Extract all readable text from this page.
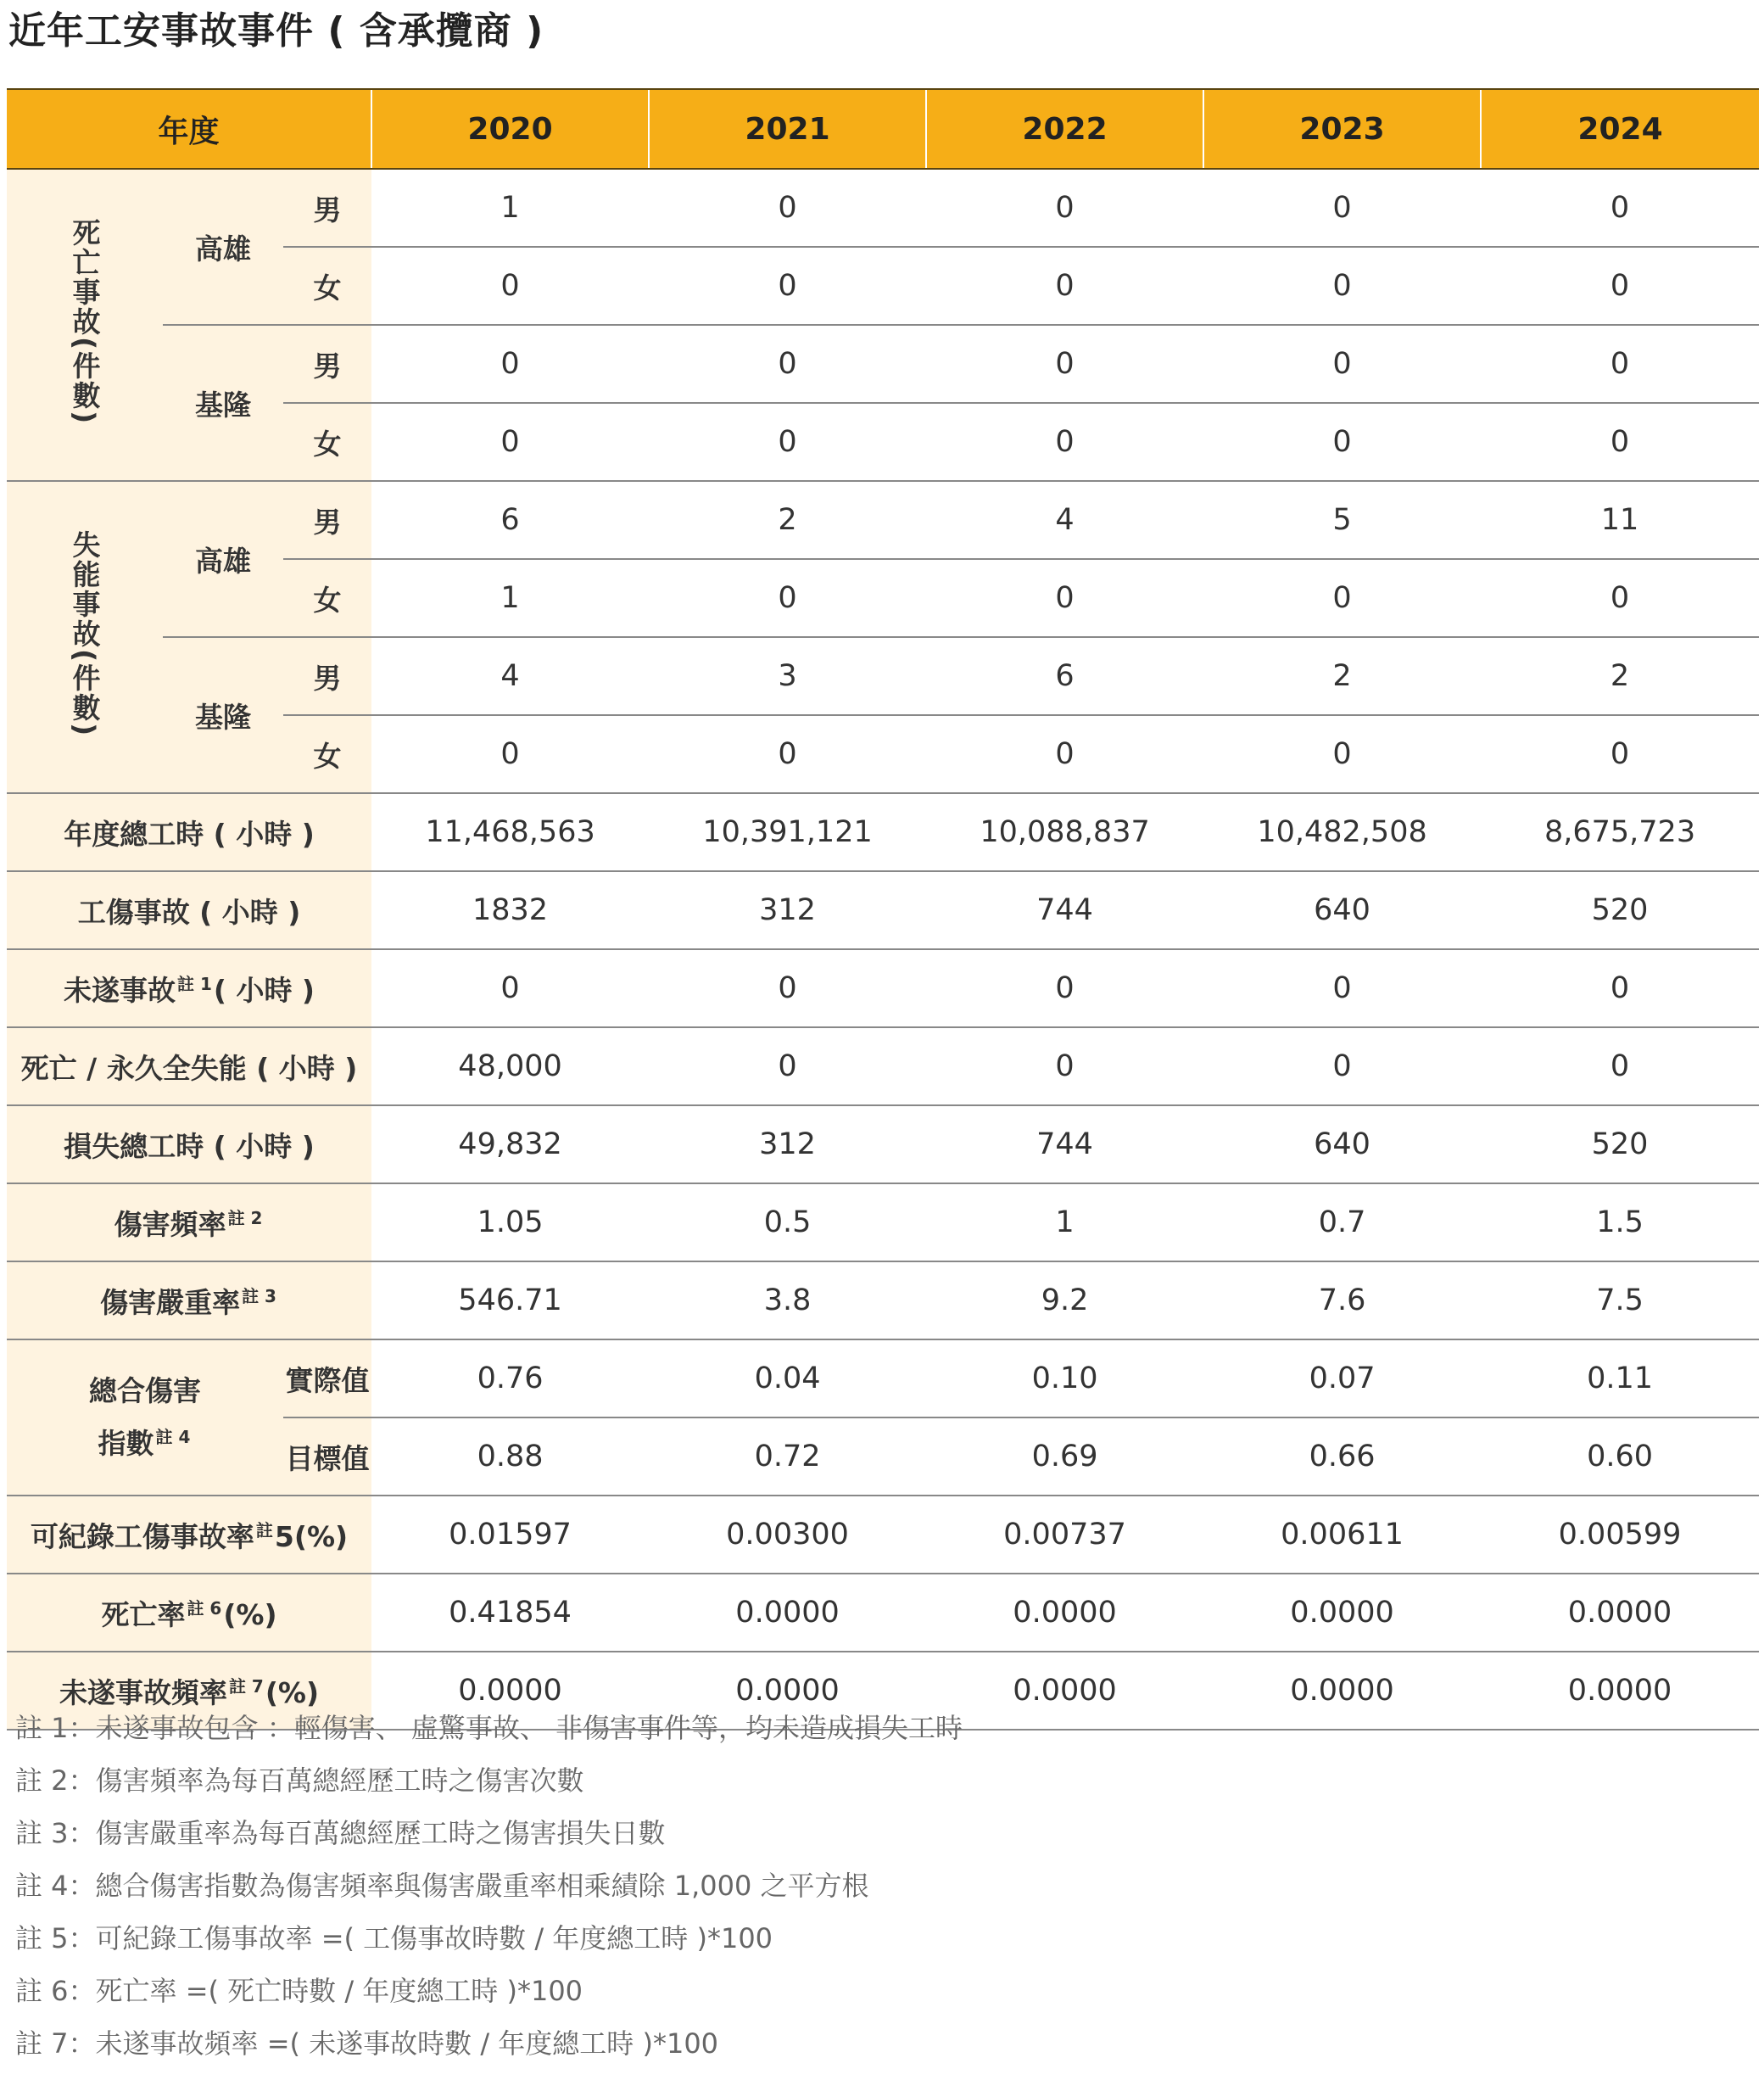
近年工安事故事件 ( 含承攬商 )
年度			2020	2021	2022	2023	2024
死亡事故(件數)	高雄	男	1	0	0	0	0
		女	0	0	0	0	0
	基隆	男	0	0	0	0	0
		女	0	0	0	0	0
失能事故(件數)	高雄	男	6	2	4	5	11
		女	1	0	0	0	0
	基隆	男	4	3	6	2	2
		女	0	0	0	0	0
年度總工時 ( 小時 )			11,468,563	10,391,121	10,088,837	10,482,508	8,675,723
工傷事故 ( 小時 )			1832	312	744	640	520
未遂事故 $^{註 1}$( 小時 )			0	0	0	0	0
死亡 / 永久全失能 ( 小時 )			48,000	0	0	0	0
損失總工時 ( 小時 )			49,832	312	744	640	520
傷害頻率 $^{註 2}$			1.05	0.5	1	0.7	1.5
傷害嚴重率 $^{註 3}$			546.71	3.8	9.2	7.6	7.5
總合傷害
指數 $^{註 4}$		實際值	0.76	0.04	0.10	0.07	0.11
		目標值	0.88	0.72	0.69	0.66	0.60
可紀錄工傷事故率 $^註$5(%)			0.01597	0.00300	0.00737	0.00611	0.00599
死亡率 $^{註 6}$(%)			0.41854	0.0000	0.0000	0.0000	0.0000
未遂事故頻率 $^{註 7}$(%)			0.0000	0.0000	0.0000	0.0000	0.0000
註 1：未遂事故包含 ：輕傷害、 虛驚事故、 非傷害事件等，均未造成損失工時
註 2：傷害頻率為每百萬總經歷工時之傷害次數
註 3：傷害嚴重率為每百萬總經歷工時之傷害損失日數
註 4：總合傷害指數為傷害頻率與傷害嚴重率相乘績除 1,000 之平方根
註 5：可紀錄工傷事故率 =( 工傷事故時數 / 年度總工時 )*100
註 6：死亡率 =( 死亡時數 / 年度總工時 )*100
註 7：未遂事故頻率 =( 未遂事故時數 / 年度總工時 )*100
